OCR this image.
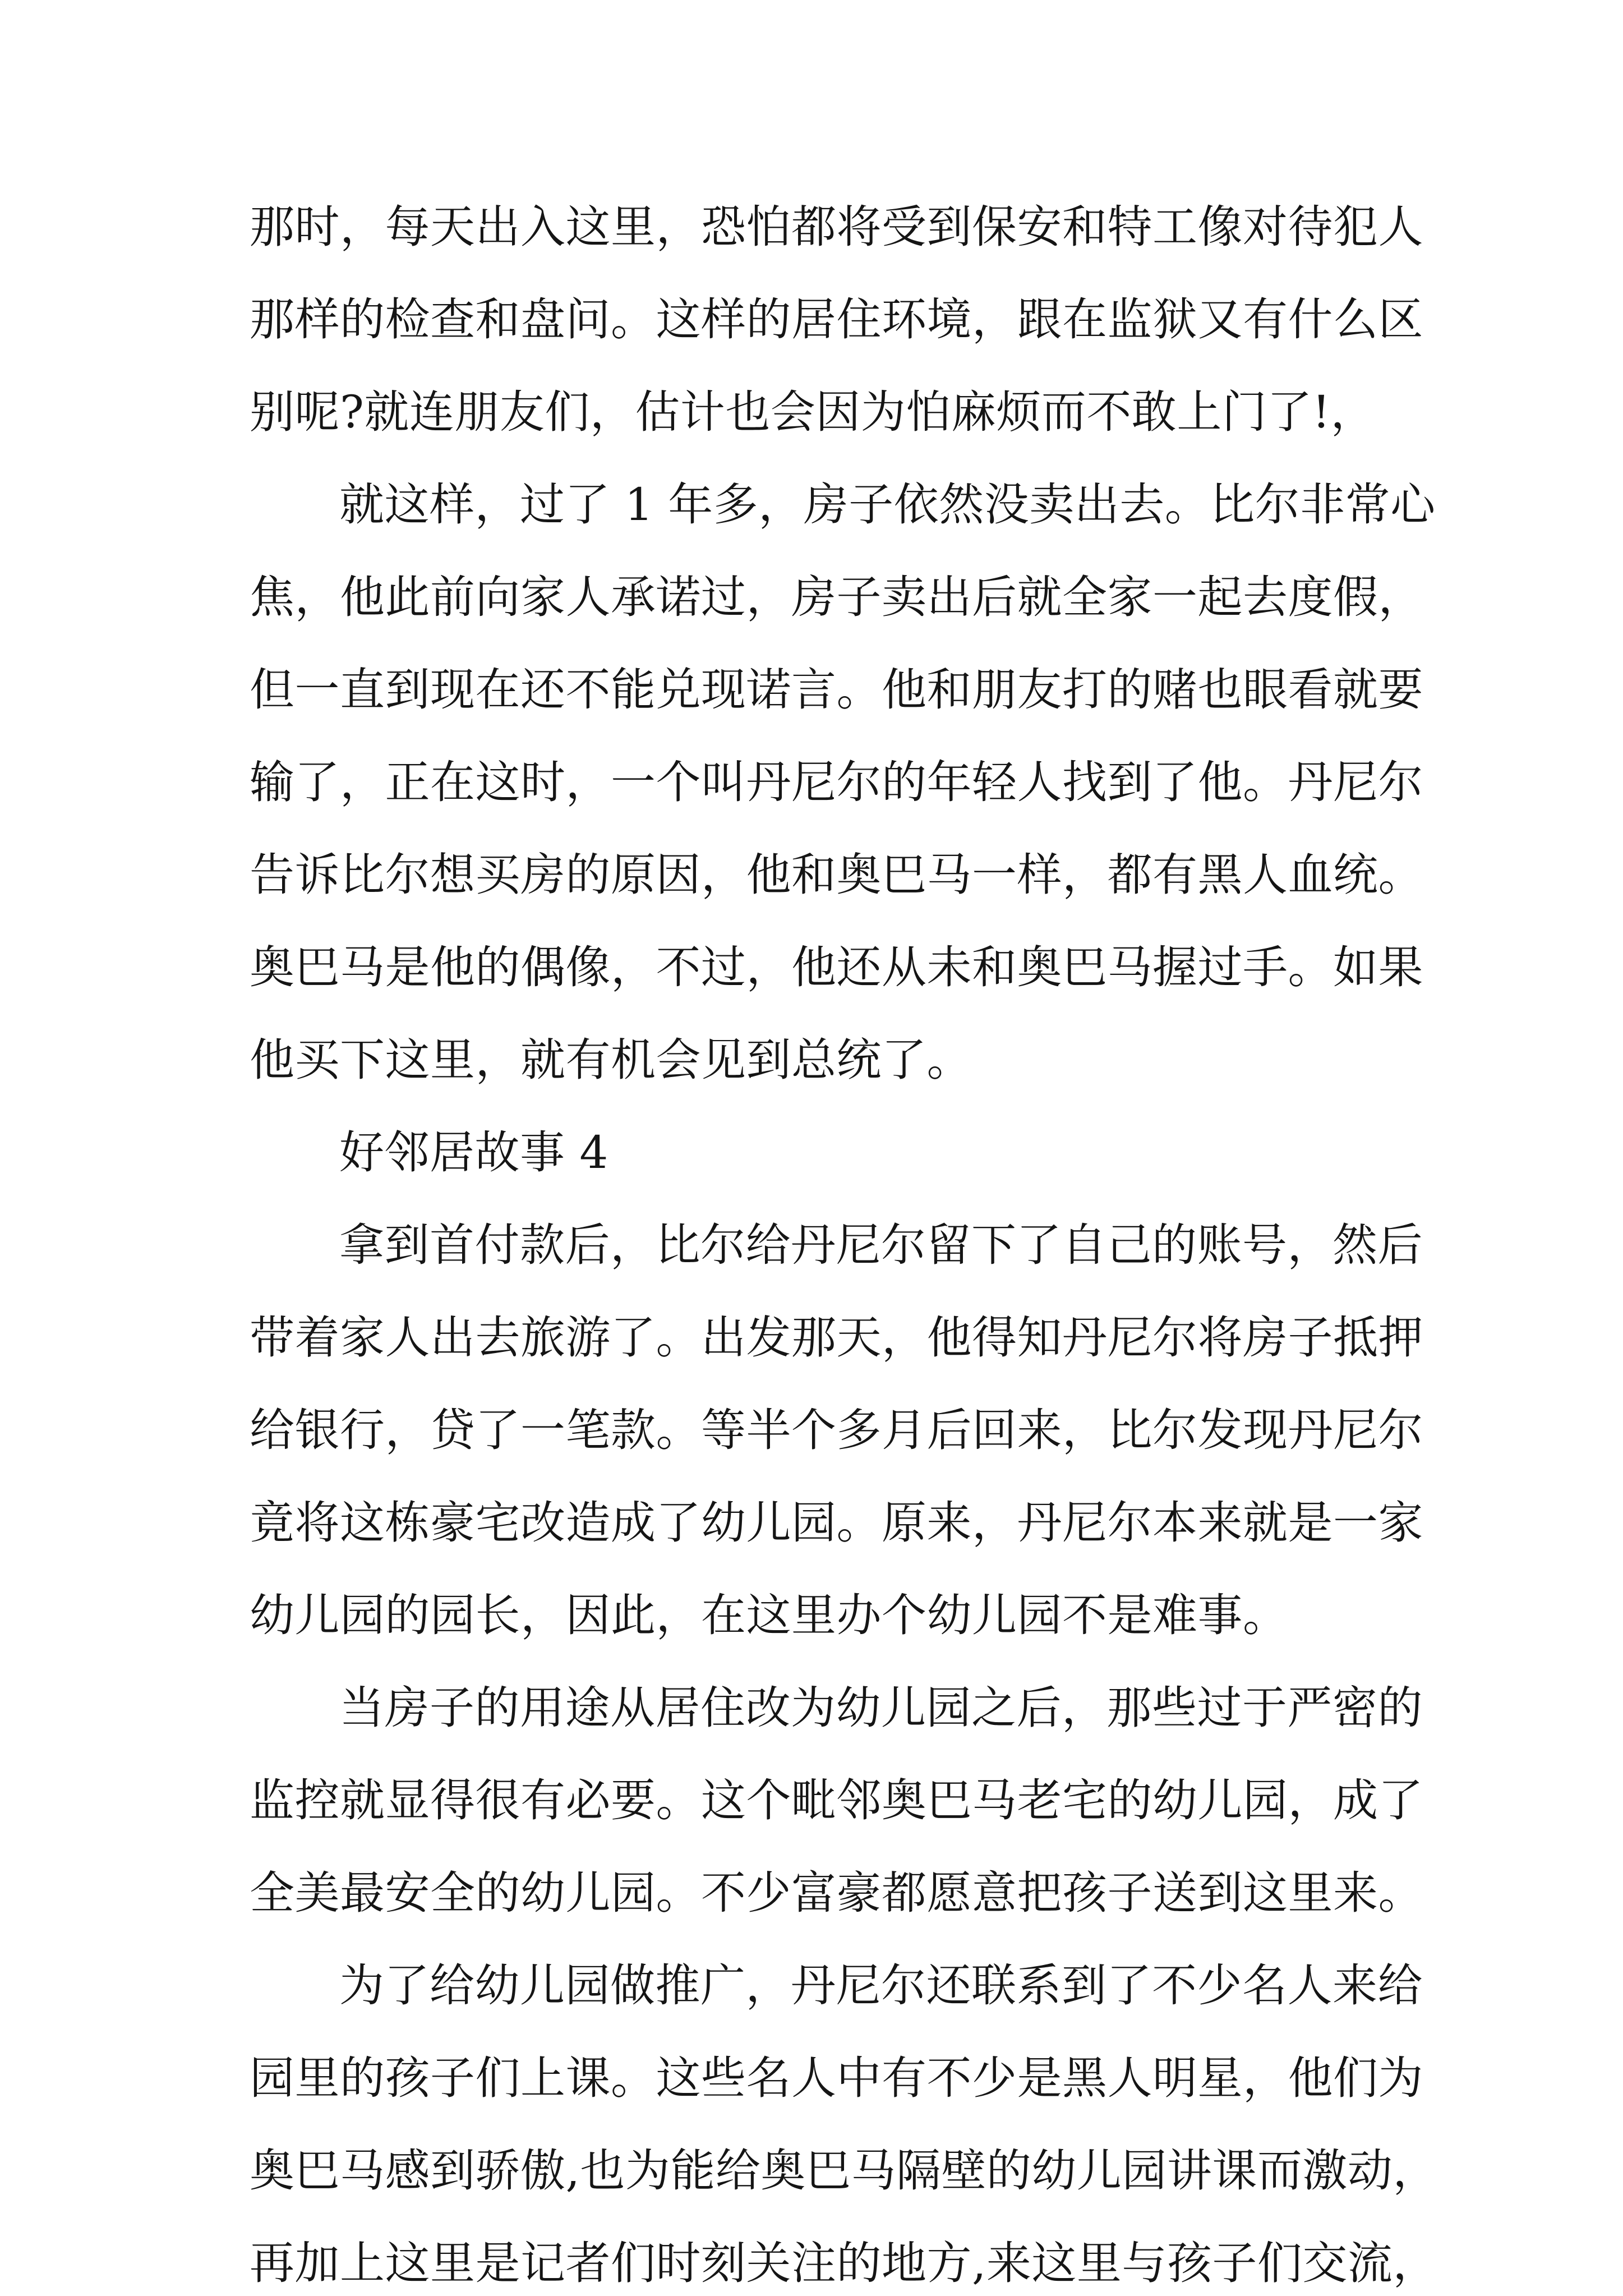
那时，每天出入这里，恐怕都将受到保安和特工像对待犯人
那样的检查和盘问。这样的居住环境，跟在监狱又有什么区
别呢?就连朋友们，估计也会因为怕麻烦而不敢上门了!，
就这样，过了 1 年多，房子依然没卖出去。比尔非常心
焦，他此前向家人承诺过，房子卖出后就全家一起去度假，
但一直到现在还不能兑现诺言。他和朋友打的赌也眼看就要
输了，正在这时，一个叫丹尼尔的年轻人找到了他。丹尼尔
告诉比尔想买房的原因，他和奥巴马一样，都有黑人血统。
奥巴马是他的偶像，不过，他还从未和奥巴马握过手。如果
他买下这里，就有机会见到总统了。
好邻居故事 4
拿到首付款后，比尔给丹尼尔留下了自己的账号，然后
带着家人出去旅游了。出发那天，他得知丹尼尔将房子抵押
给银行，贷了一笔款。等半个多月后回来，比尔发现丹尼尔
竟将这栋豪宅改造成了幼儿园。原来，丹尼尔本来就是一家
幼儿园的园长，因此，在这里办个幼儿园不是难事。
当房子的用途从居住改为幼儿园之后，那些过于严密的
监控就显得很有必要。这个毗邻奥巴马老宅的幼儿园，成了
全美最安全的幼儿园。不少富豪都愿意把孩子送到这里来。
为了给幼儿园做推广，丹尼尔还联系到了不少名人来给
园里的孩子们上课。这些名人中有不少是黑人明星，他们为
奥巴马感到骄傲,也为能给奥巴马隔壁的幼儿园讲课而激动，
再加上这里是记者们时刻关注的地方,来这里与孩子们交流，
